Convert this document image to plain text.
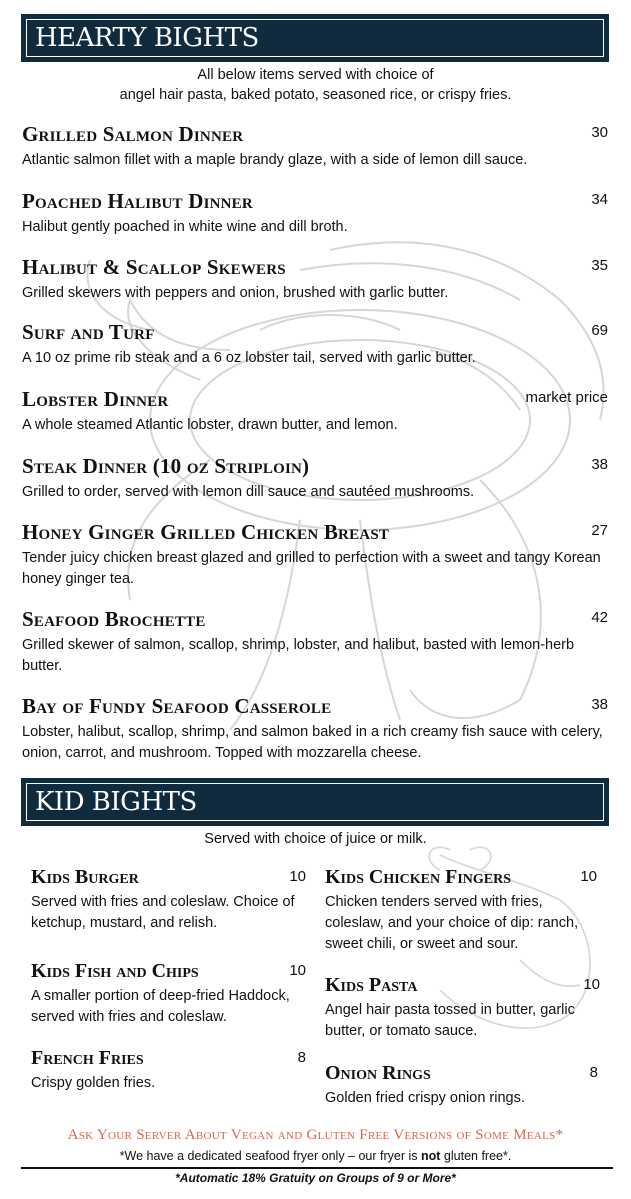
HEARTY BIGHTS
All below items served with choice of
angel hair pasta, baked potato, seasoned rice, or crispy fries.
Grilled Salmon Dinner	30
Atlantic salmon fillet with a maple brandy glaze, with a side of lemon dill sauce.
Poached Halibut Dinner	34
Halibut gently poached in white wine and dill broth.
Halibut & Scallop Skewers	35
Grilled skewers with peppers and onion, brushed with garlic butter.
Surf and Turf	69
A 10 oz prime rib steak and a 6 oz lobster tail, served with garlic butter.
Lobster Dinner	market price
A whole steamed Atlantic lobster, drawn butter, and lemon.
Steak Dinner (10 oz Striploin)	38
Grilled to order, served with lemon dill sauce and sautéed mushrooms.
Honey Ginger Grilled Chicken Breast	27
Tender juicy chicken breast glazed and grilled to perfection with a sweet and tangy Korean honey ginger tea.
Seafood Brochette	42
Grilled skewer of salmon, scallop, shrimp, lobster, and halibut, basted with lemon-herb butter.
Bay of Fundy Seafood Casserole	38
Lobster, halibut, scallop, shrimp, and salmon baked in a rich creamy fish sauce with celery, onion, carrot, and mushroom. Topped with mozzarella cheese.
KID BIGHTS
Served with choice of juice or milk.
Kids Burger	10
Served with fries and coleslaw. Choice of ketchup, mustard, and relish.
Kids Fish and Chips	10
A smaller portion of deep-fried Haddock, served with fries and coleslaw.
French Fries	8
Crispy golden fries.
Kids Chicken Fingers	10
Chicken tenders served with fries, coleslaw, and your choice of dip: ranch, sweet chili, or sweet and sour.
Kids Pasta	10
Angel hair pasta tossed in butter, garlic butter, or tomato sauce.
Onion Rings	8
Golden fried crispy onion rings.
Ask Your Server About Vegan and Gluten Free Versions of Some Meals*
*We have a dedicated seafood fryer only – our fryer is not gluten free*.
*Automatic 18% Gratuity on Groups of 9 or More*
